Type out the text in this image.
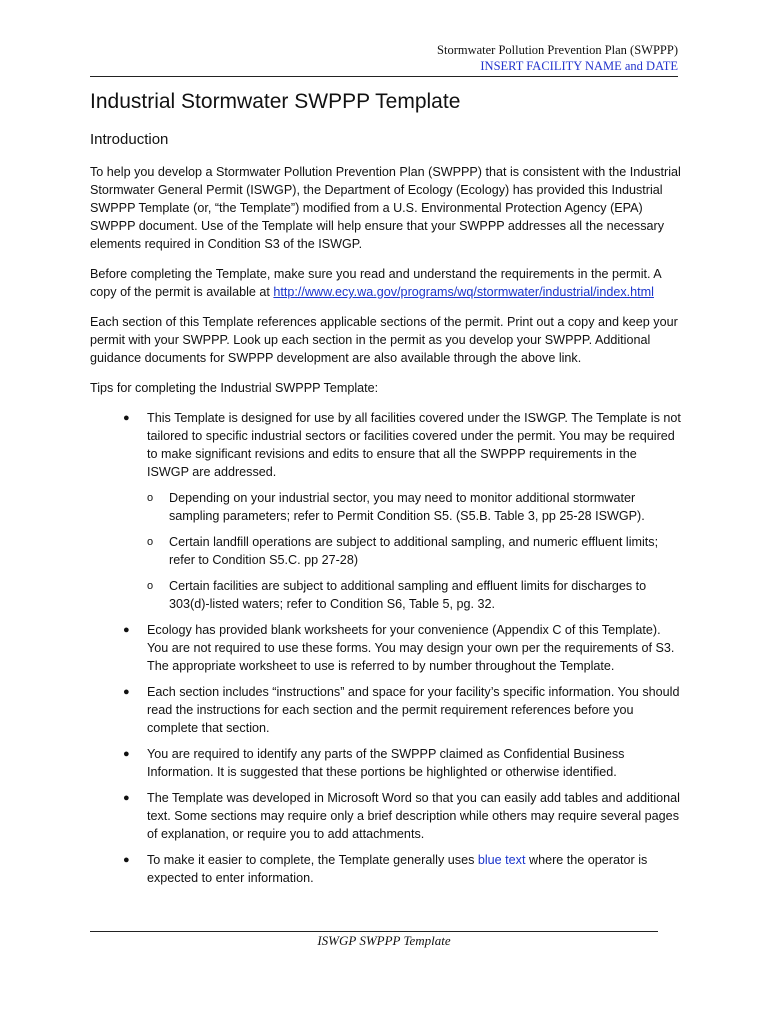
Stormwater Pollution Prevention Plan (SWPPP)
INSERT FACILITY NAME and DATE
Industrial Stormwater SWPPP Template
Introduction

To help you develop a Stormwater Pollution Prevention Plan (SWPPP) that is consistent with the Industrial Stormwater General Permit (ISWGP), the Department of Ecology (Ecology) has provided this Industrial SWPPP Template (or, “the Template”) modified from a U.S. Environmental Protection Agency (EPA) SWPPP document. Use of the Template will help ensure that your SWPPP addresses all the necessary elements required in Condition S3 of the ISWGP.

Before completing the Template, make sure you read and understand the requirements in the permit. A copy of the permit is available at http://www.ecy.wa.gov/programs/wq/stormwater/industrial/index.html

Each section of this Template references applicable sections of the permit. Print out a copy and keep your permit with your SWPPP. Look up each section in the permit as you develop your SWPPP. Additional guidance documents for SWPPP development are also available through the above link.

Tips for completing the Industrial SWPPP Template:

● This Template is designed for use by all facilities covered under the ISWGP. The Template is not tailored to specific industrial sectors or facilities covered under the permit. You may be required to make significant revisions and edits to ensure that all the SWPPP requirements in the ISWGP are addressed.
o Depending on your industrial sector, you may need to monitor additional stormwater sampling parameters; refer to Permit Condition S5. (S5.B. Table 3, pp 25-28 ISWGP).
o Certain landfill operations are subject to additional sampling, and numeric effluent limits; refer to Condition S5.C. pp 27-28)
o Certain facilities are subject to additional sampling and effluent limits for discharges to 303(d)-listed waters; refer to Condition S6, Table 5, pg. 32.
● Ecology has provided blank worksheets for your convenience (Appendix C of this Template). You are not required to use these forms. You may design your own per the requirements of S3. The appropriate worksheet to use is referred to by number throughout the Template.
● Each section includes “instructions” and space for your facility’s specific information. You should read the instructions for each section and the permit requirement references before you complete that section.
● You are required to identify any parts of the SWPPP claimed as Confidential Business Information. It is suggested that these portions be highlighted or otherwise identified.
● The Template was developed in Microsoft Word so that you can easily add tables and additional text. Some sections may require only a brief description while others may require several pages of explanation, or require you to add attachments.
● To make it easier to complete, the Template generally uses blue text where the operator is expected to enter information.
ISWGP SWPPP Template
